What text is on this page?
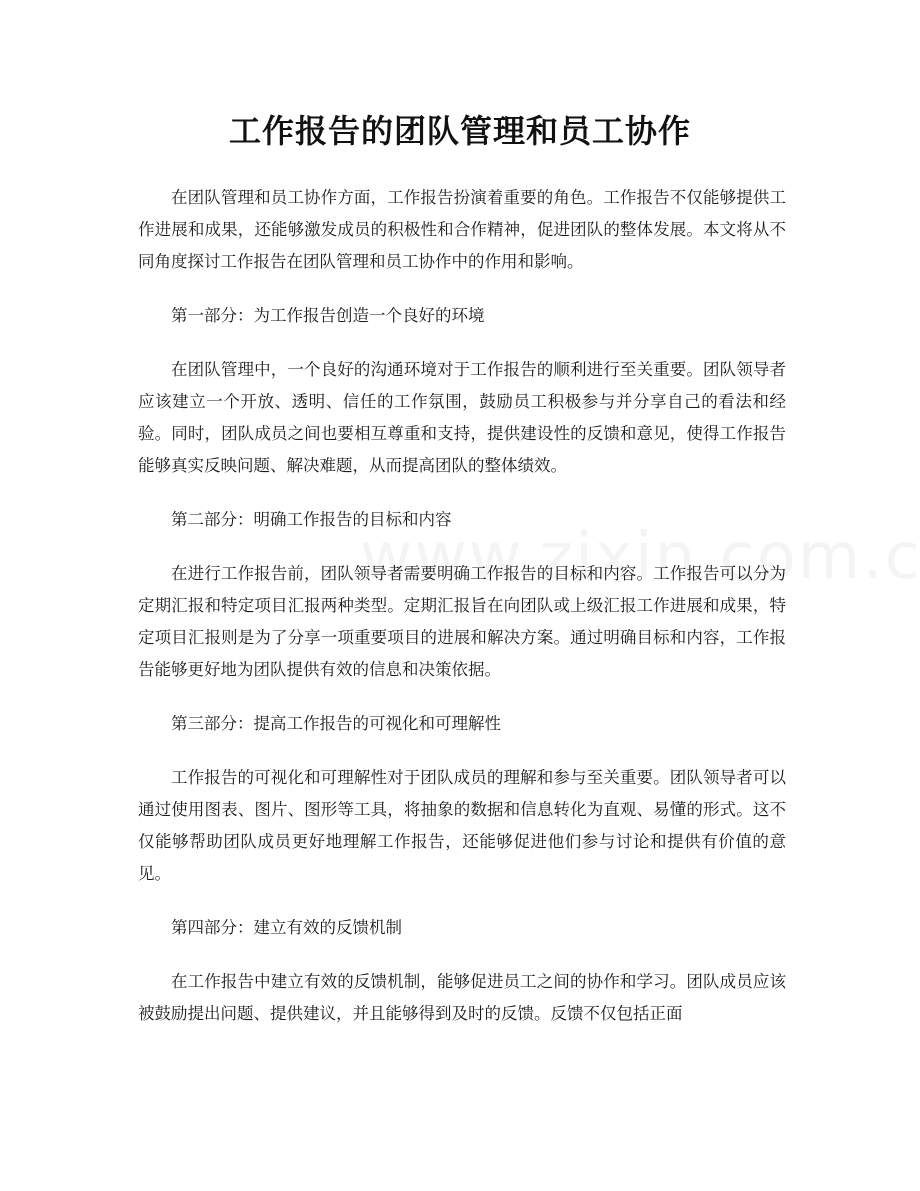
工作报告的团队管理和员工协作

在团队管理和员工协作方面，工作报告扮演着重要的角色。工作报告不仅能够提供工作进展和成果，还能够激发成员的积极性和合作精神，促进团队的整体发展。本文将从不同角度探讨工作报告在团队管理和员工协作中的作用和影响。

第一部分：为工作报告创造一个良好的环境

在团队管理中，一个良好的沟通环境对于工作报告的顺利进行至关重要。团队领导者应该建立一个开放、透明、信任的工作氛围，鼓励员工积极参与并分享自己的看法和经验。同时，团队成员之间也要相互尊重和支持，提供建设性的反馈和意见，使得工作报告能够真实反映问题、解决难题，从而提高团队的整体绩效。

第二部分：明确工作报告的目标和内容

在进行工作报告前，团队领导者需要明确工作报告的目标和内容。工作报告可以分为定期汇报和特定项目汇报两种类型。定期汇报旨在向团队或上级汇报工作进展和成果，特定项目汇报则是为了分享一项重要项目的进展和解决方案。通过明确目标和内容，工作报告能够更好地为团队提供有效的信息和决策依据。

第三部分：提高工作报告的可视化和可理解性

工作报告的可视化和可理解性对于团队成员的理解和参与至关重要。团队领导者可以通过使用图表、图片、图形等工具，将抽象的数据和信息转化为直观、易懂的形式。这不仅能够帮助团队成员更好地理解工作报告，还能够促进他们参与讨论和提供有价值的意见。

第四部分：建立有效的反馈机制

在工作报告中建立有效的反馈机制，能够促进员工之间的协作和学习。团队成员应该被鼓励提出问题、提供建议，并且能够得到及时的反馈。反馈不仅包括正面
